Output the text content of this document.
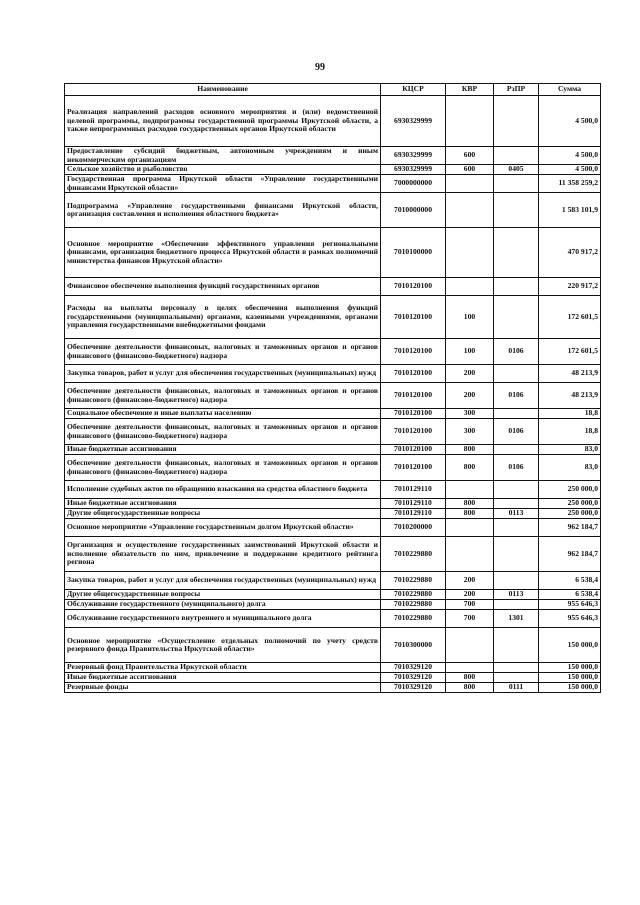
99
Наименование	КЦСР	КВР	РзПР	Сумма
Реализация направлений расходов основного мероприятия и (или) ведомственной целевой программы, подпрограммы государственной программы Иркутской области, а также непрограммных расходов государственных органов Иркутской области	6930329999			4 500,0
Предоставление субсидий бюджетным, автономным учреждениям и иным некоммерческим организациям	6930329999	600		4 500,0
Сельское хозяйство и рыболовство	6930329999	600	0405	4 500,0
Государственная программа Иркутской области «Управление государственными финансами Иркутской области»	7000000000			11 358 259,2
Подпрограмма «Управление государственными финансами Иркутской области, организация составления и исполнения областного бюджета»	7010000000			1 583 101,9
Основное мероприятие «Обеспечение эффективного управления региональными финансами, организация бюджетного процесса Иркутской области в рамках полномочий министерства финансов Иркутской области»	7010100000			470 917,2
Финансовое обеспечение выполнения функций государственных органов	7010120100			220 917,2
Расходы на выплаты персоналу в целях обеспечения выполнения функций государственными (муниципальными) органами, казенными учреждениями, органами управления государственными внебюджетными фондами	7010120100	100		172 601,5
Обеспечение деятельности финансовых, налоговых и таможенных органов и органов финансового (финансово-бюджетного) надзора	7010120100	100	0106	172 601,5
Закупка товаров, работ и услуг для обеспечения государственных (муниципальных) нужд	7010120100	200		48 213,9
Обеспечение деятельности финансовых, налоговых и таможенных органов и органов финансового (финансово-бюджетного) надзора	7010120100	200	0106	48 213,9
Социальное обеспечение и иные выплаты населению	7010120100	300		18,8
Обеспечение деятельности финансовых, налоговых и таможенных органов и органов финансового (финансово-бюджетного) надзора	7010120100	300	0106	18,8
Иные бюджетные ассигнования	7010120100	800		83,0
Обеспечение деятельности финансовых, налоговых и таможенных органов и органов финансового (финансово-бюджетного) надзора	7010120100	800	0106	83,0
Исполнение судебных актов по обращению взыскания на средства областного бюджета	7010129110			250 000,0
Иные бюджетные ассигнования	7010129110	800		250 000,0
Другие общегосударственные вопросы	7010129110	800	0113	250 000,0
Основное мероприятие «Управление государственным долгом Иркутской области»	7010200000			962 184,7
Организация и осуществление государственных заимствований Иркутской области и исполнение обязательств по ним, привлечение и поддержание кредитного рейтинга региона	7010229880			962 184,7
Закупка товаров, работ и услуг для обеспечения государственных (муниципальных) нужд	7010229880	200		6 538,4
Другие общегосударственные вопросы	7010229880	200	0113	6 538,4
Обслуживание государственного (муниципального) долга	7010229880	700		955 646,3
Обслуживание государственного внутреннего и муниципального долга	7010229880	700	1301	955 646,3
Основное мероприятие «Осуществление отдельных полномочий по учету средств резервного фонда Правительства Иркутской области»	7010300000			150 000,0
Резервный фонд Правительства Иркутской области	7010329120			150 000,0
Иные бюджетные ассигнования	7010329120	800		150 000,0
Резервные фонды	7010329120	800	0111	150 000,0
